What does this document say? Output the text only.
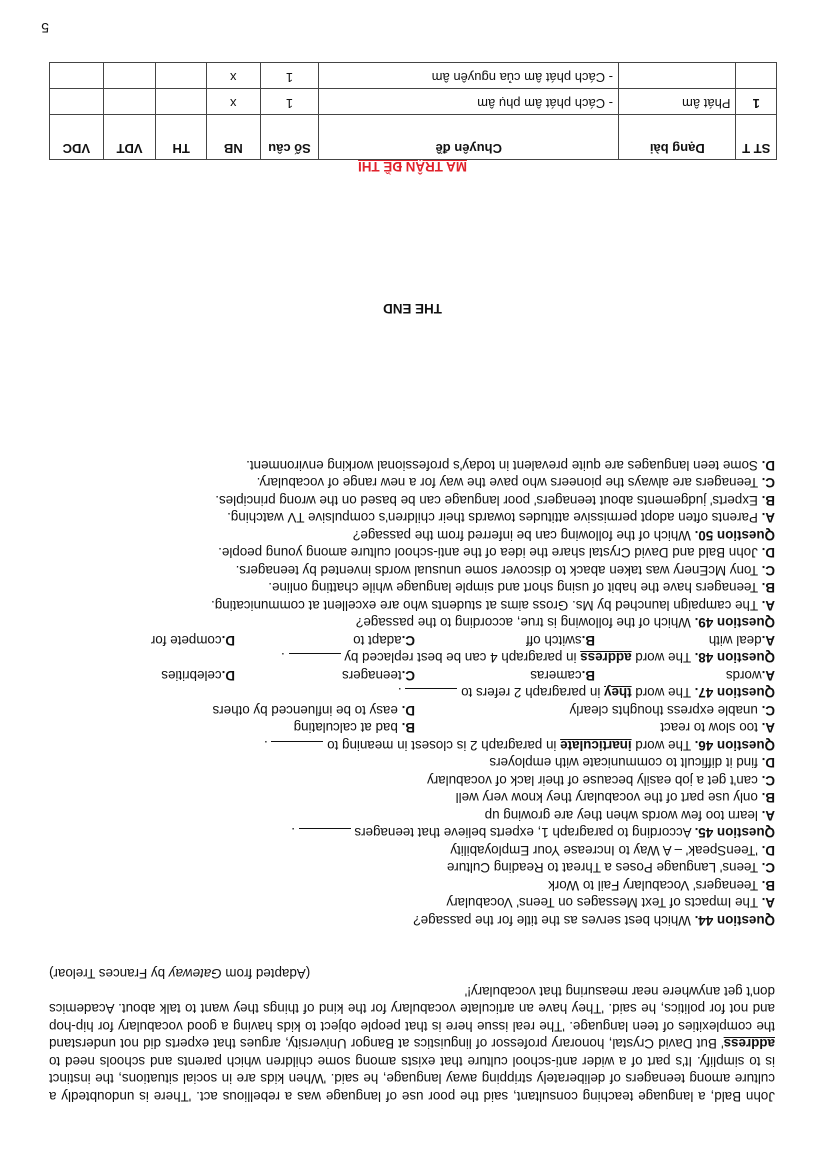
5

John Bald, a language teaching consultant, said the poor use of language was a rebellious act. 'There is undoubtedly a culture among teenagers of deliberately stripping away language, he said. 'When kids are in social situations, the instinct is to simplify. It's part of a wider anti-school culture that exists among some children which parents and schools need to address' But David Crystal, honorary professor of linguistics at Bangor University, argues that experts did not understand the complexities of teen language. 'The real issue here is that people object to kids having a good vocabulary for hip-hop and not for politics, he said. 'They have an articulate vocabulary for the kind of things they want to talk about. Academics don't get anywhere near measuring that vocabulary!'

(Adapted from Gateway by Frances Treloar)

Question 44. Which best serves as the title for the passage?

A. The Impacts of Text Messages on Teens' Vocabulary

B. Teenagers' Vocabulary Fail to Work

C. Teens' Language Poses a Threat to Reading Culture

D. 'TeenSpeak' – A Way to Increase Your Employability

Question 45. According to paragraph 1, experts believe that teenagers  .

A. learn too few words when they are growing up

B. only use part of the vocabulary they know very well

C. can't get a job easily because of their lack of vocabulary

D. find it difficult to communicate with employers

Question 46. The word inarticulate in paragraph 2 is closest in meaning to  .

A. too slow to react
B. bad at calculating
C. unable express thoughts clearly
D. easy to be influenced by others

Question 47. The word they in paragraph 2 refers to  .

A.words
B.cameras
C.teenagers
D.celebrities

Question 48. The word address in paragraph 4 can be best replaced by  .

A.deal with
B.switch off
C.adapt to
D.compete for

Question 49. Which of the following is true, according to the passage?

A. The campaign launched by Ms. Gross aims at students who are excellent at communicating.

B. Teenagers have the habit of using short and simple language while chatting online.

C. Tony McEnery was taken aback to discover some unusual words invented by teenagers.

D. John Bald and David Crystal share the idea of the anti-school culture among young people.

Question 50. Which of the following can be inferred from the passage?

A. Parents often adopt permissive attitudes towards their children's compulsive TV watching.

B. Experts' judgements about teenagers' poor language can be based on the wrong principles.

C. Teenagers are always the pioneers who pave the way for a new range of vocabulary.

D. Some teen languages are quite prevalent in today's professional working environment.

THE END
MA TRẬN ĐỀ THI
ST T	Dạng bài	Chuyên đề	Số câu	NB	TH	VDT	VDC
1	Phát âm	- Cách phát âm phụ âm	1	x			
		- Cách phát âm của nguyên âm	1	x			
